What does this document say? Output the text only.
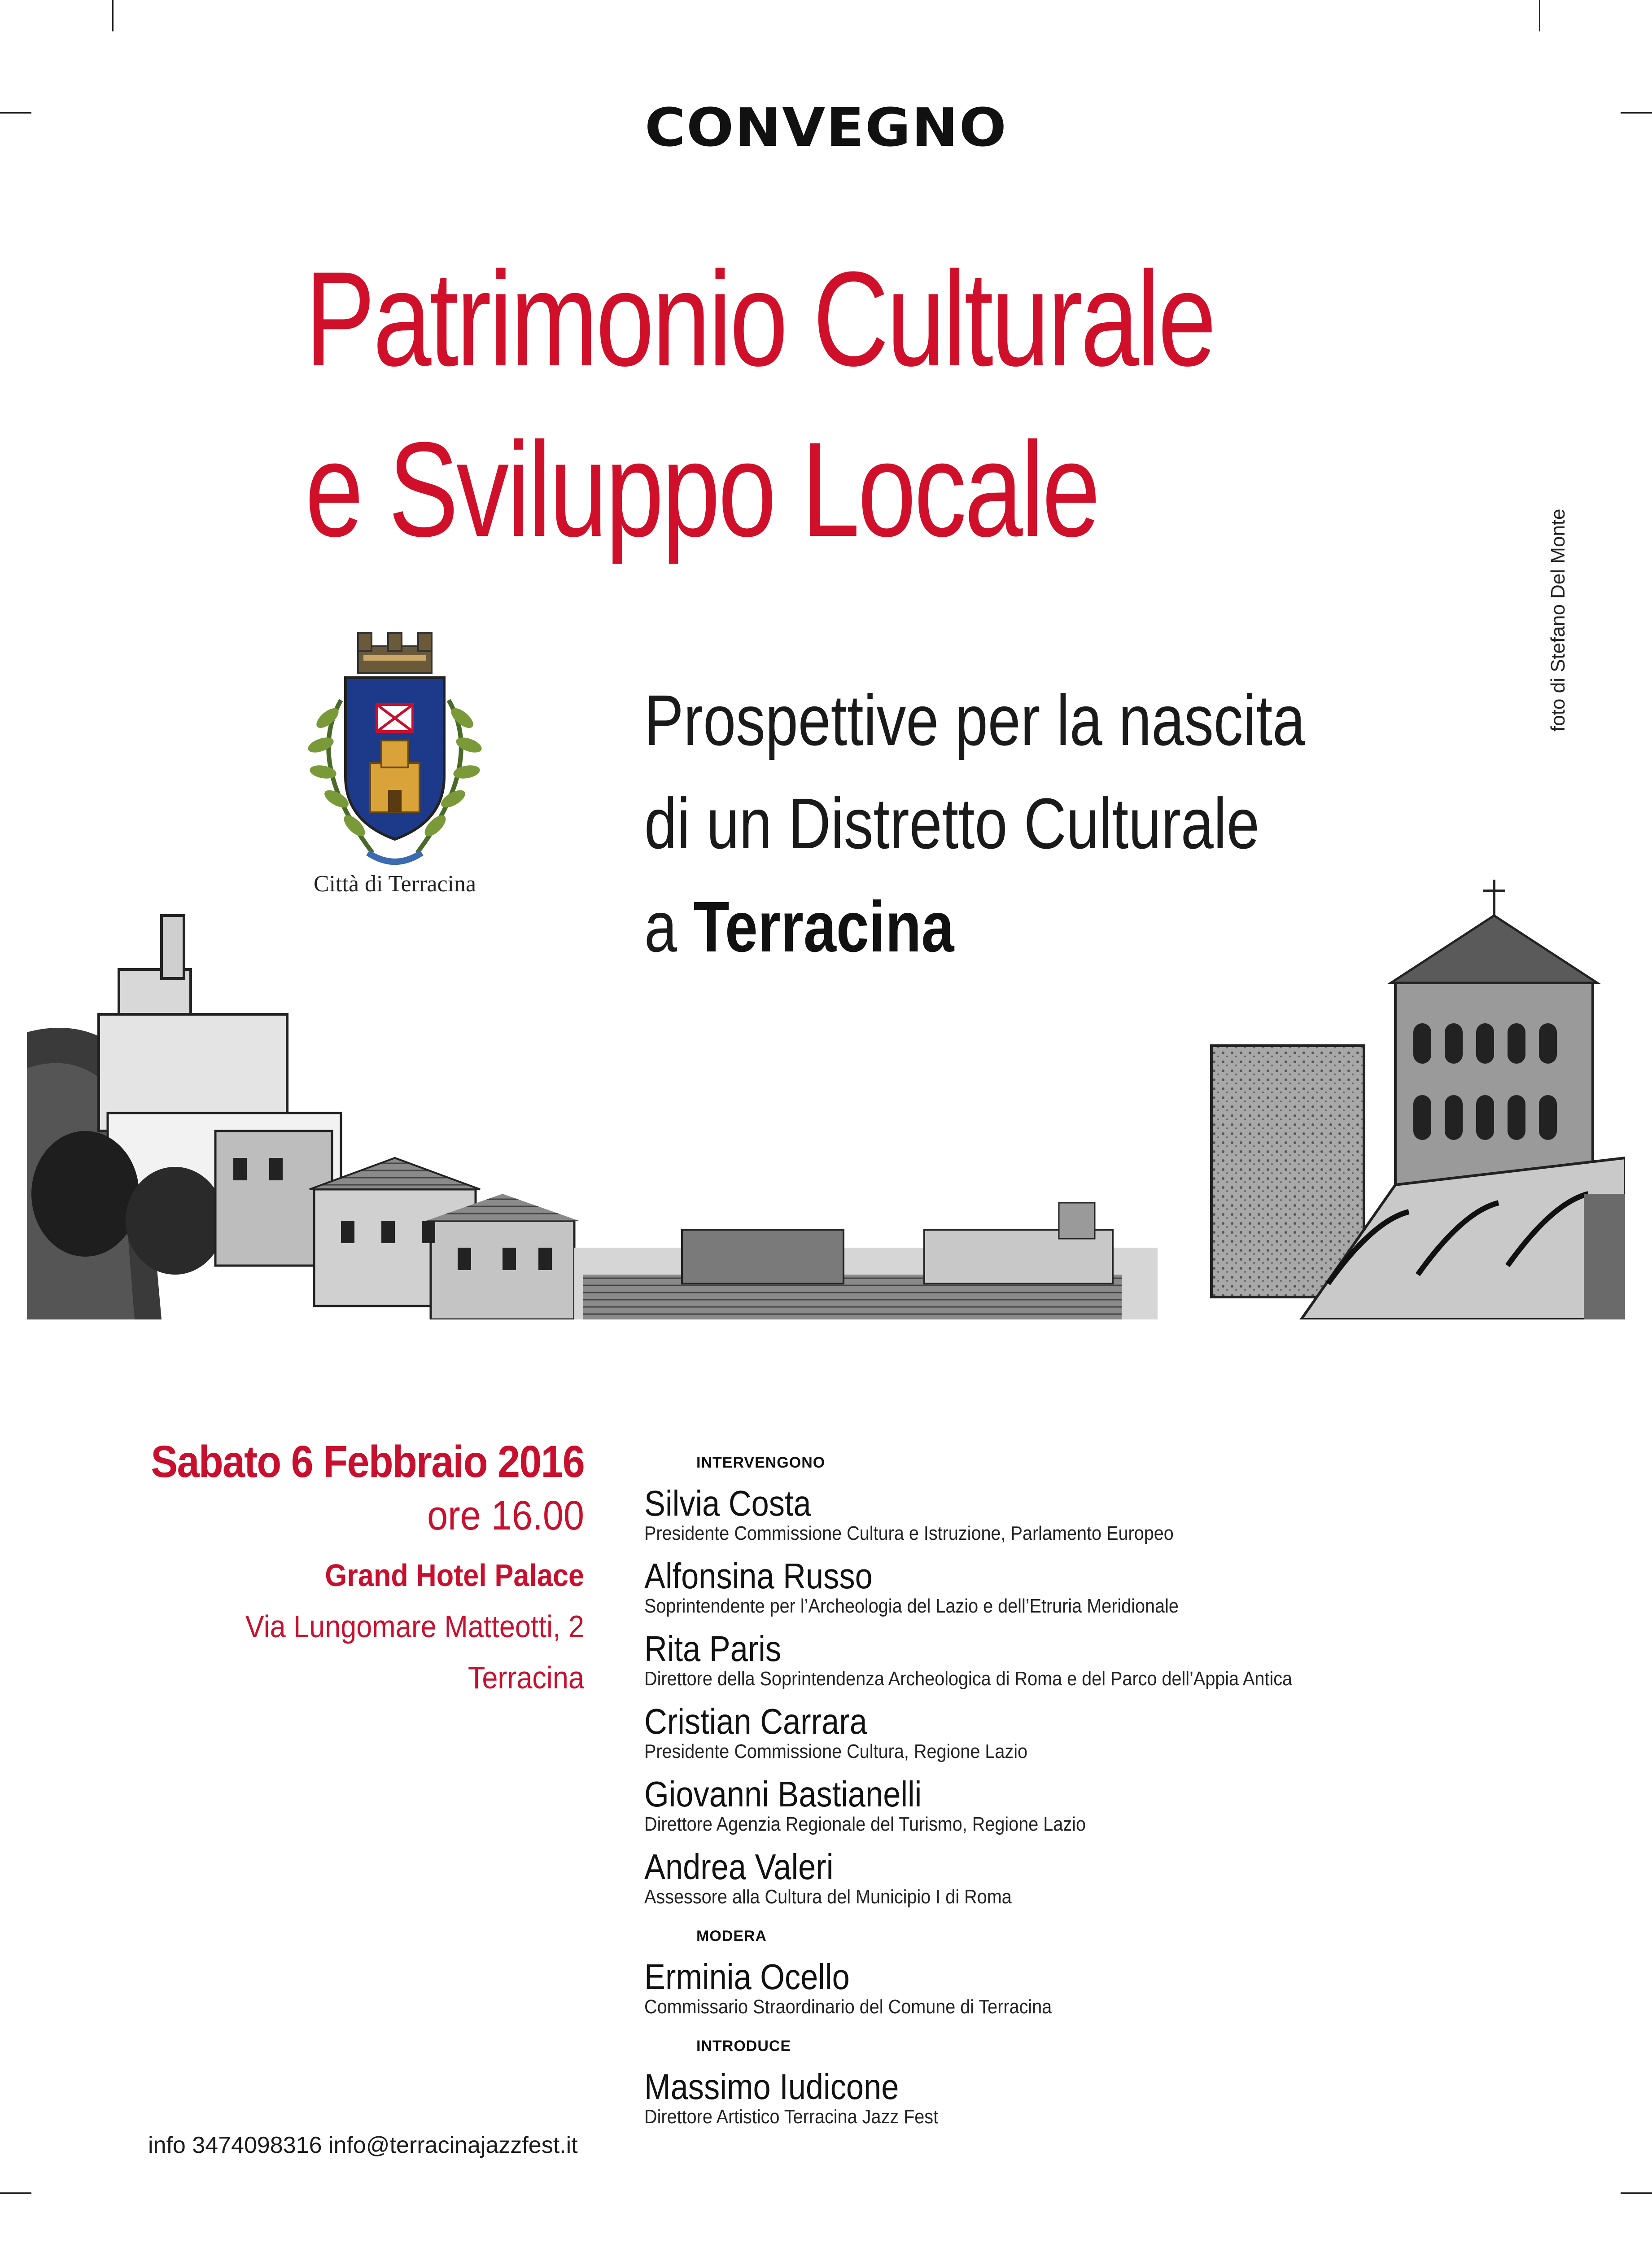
CONVEGNO
Patrimonio Culturale
e Sviluppo Locale
foto di Stefano Del Monte
Città di Terracina
Prospettive per la nascita
di un Distretto Culturale
a Terracina
Sabato 6 Febbraio 2016
ore 16.00
Grand Hotel Palace
Via Lungomare Matteotti, 2
Terracina
info 3474098316 info@terracinajazzfest.it
INTERVENGONO
Silvia Costa
Presidente Commissione Cultura e Istruzione, Parlamento Europeo
Alfonsina Russo
Soprintendente per l’Archeologia del Lazio e dell’Etruria Meridionale
Rita Paris
Direttore della Soprintendenza Archeologica di Roma e del Parco dell’Appia Antica
Cristian Carrara
Presidente Commissione Cultura, Regione Lazio
Giovanni Bastianelli
Direttore Agenzia Regionale del Turismo, Regione Lazio
Andrea Valeri
Assessore alla Cultura del Municipio I di Roma
MODERA
Erminia Ocello
Commissario Straordinario del Comune di Terracina
INTRODUCE
Massimo Iudicone
Direttore Artistico Terracina Jazz Fest
